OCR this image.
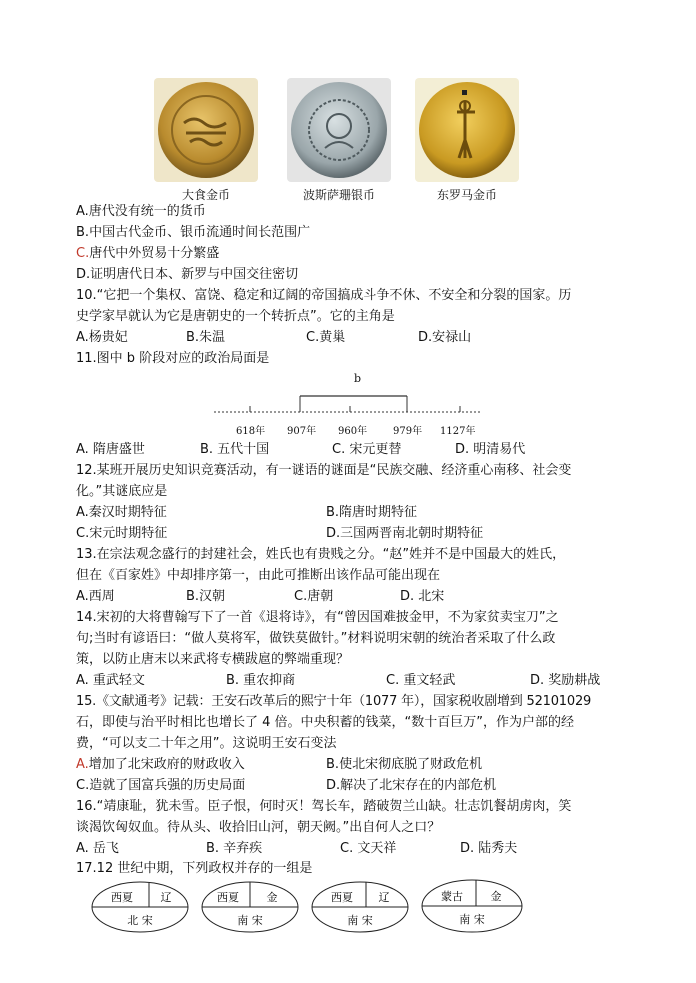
大食金币	波斯萨珊银币	东罗马金币
A.唐代没有统一的货币
B.中国古代金币、银币流通时间长范围广
C.唐代中外贸易十分繁盛
D.证明唐代日本、新罗与中国交往密切
10.“它把一个集权、富饶、稳定和辽阔的帝国搞成斗争不休、不安全和分裂的国家。历
史学家早就认为它是唐朝史的一个转折点”。它的主角是
A.杨贵妃	B.朱温	C.黄巢	D.安禄山
11.图中 b 阶段对应的政治局面是
b
618年 907年 960年	979年 1127年
A. 隋唐盛世	B. 五代十国	C. 宋元更替	D. 明清易代
12.某班开展历史知识竞赛活动，有一谜语的谜面是“民族交融、经济重心南移、社会变
化。”其谜底应是
A.秦汉时期特征	B.隋唐时期特征
C.宋元时期特征	D.三国两晋南北朝时期特征
13.在宗法观念盛行的封建社会，姓氏也有贵贱之分。“赵”姓并不是中国最大的姓氏，
但在《百家姓》中却排序第一，由此可推断出该作品可能出现在
A.西周	B.汉朝	C.唐朝	D. 北宋
14.宋初的大将曹翰写下了一首《退将诗》，有“曾因国难披金甲，不为家贫卖宝刀”之
句;当时有谚语曰：“做人莫将军，做铁莫做针。”材料说明宋朝的统治者采取了什么政
策，以防止唐末以来武将专横跋扈的弊端重现？
A. 重武轻文	B. 重农抑商	C. 重文轻武	D. 奖励耕战
15.《文献通考》记载：王安石改革后的熙宁十年（1077 年），国家税收剧增到 52101029
石，即使与治平时相比也增长了 4 倍。中央积蓄的钱菜，“数十百巨万”，作为户部的经
费，“可以支二十年之用”。这说明王安石变法
A.增加了北宋政府的财政收入	B.使北宋彻底脱了财政危机
C.造就了国富兵强的历史局面	D.解决了北宋存在的内部危机
16.“靖康耻，犹未雪。臣子恨，何时灭！驾长车，踏破贺兰山缺。壮志饥餐胡虏肉，笑
谈渴饮匈奴血。待从头、收拾旧山河，朝天阙。”出自何人之口？
A. 岳飞	B. 辛弃疾	C. 文天祥	D. 陆秀夫
17.12 世纪中期，下列政权并存的一组是
西夏	辽
北 宋
西夏	金
南 宋
西夏 辽
南 宋
蒙古	金
南 宋
